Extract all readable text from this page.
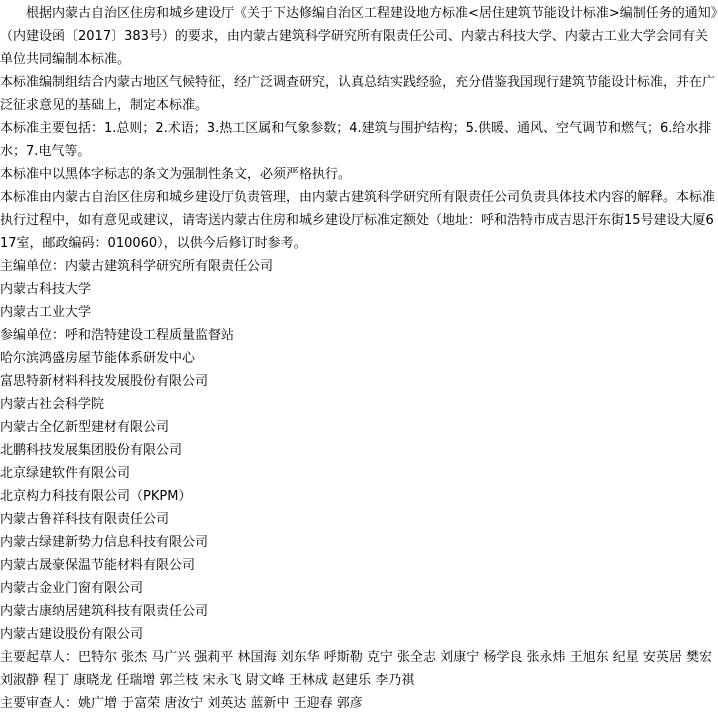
根据内蒙古自治区住房和城乡建设厅《关于下达修编自治区工程建设地方标准<居住建筑节能设计标准>编制任务的通知》（内建设函〔2017〕383号）的要求，由内蒙古建筑科学研究所有限责任公司、内蒙古科技大学、内蒙古工业大学会同有关单位共同编制本标准。

本标准编制组结合内蒙古地区气候特征，经广泛调查研究，认真总结实践经验，充分借鉴我国现行建筑节能设计标准，并在广泛征求意见的基础上，制定本标准。

本标准主要包括：1.总则；2.术语；3.热工区属和气象参数；4.建筑与围护结构；5.供暖、通风、空气调节和燃气；6.给水排水；7.电气等。

本标准中以黑体字标志的条文为强制性条文，必须严格执行。

本标准由内蒙古自治区住房和城乡建设厅负责管理，由内蒙古建筑科学研究所有限责任公司负责具体技术内容的解释。本标准执行过程中，如有意见或建议，请寄送内蒙古住房和城乡建设厅标准定额处（地址：呼和浩特市成吉思汗东街15号建设大厦617室，邮政编码：010060），以供今后修订时参考。

主编单位：内蒙古建筑科学研究所有限责任公司

内蒙古科技大学

内蒙古工业大学

参编单位：呼和浩特建设工程质量监督站

哈尔滨鸿盛房屋节能体系研发中心

富思特新材料科技发展股份有限公司

内蒙古社会科学院

内蒙古全亿新型建材有限公司

北鹏科技发展集团股份有限公司

北京绿建软件有限公司

北京构力科技有限公司（PKPM）

内蒙古鲁祥科技有限责任公司

内蒙古绿建新势力信息科技有限公司

内蒙古晟豪保温节能材料有限公司

内蒙古金业门窗有限公司

内蒙古康纳居建筑科技有限责任公司

内蒙古建设股份有限公司

主要起草人：巴特尔 张杰 马广兴 强莉平 林国海 刘东华 呼斯勒 克宁 张全志 刘康宁 杨学良 张永炜 王旭东 纪星 安英居 樊宏 刘淑静 程丁 康晓龙 任瑞增 郭兰枝 宋永飞 尉文峰 王林成 赵建乐 李乃祺

主要审查人：姚广增 于富荣 唐汝宁 刘英达 蓝新中 王迎春 郭彦
